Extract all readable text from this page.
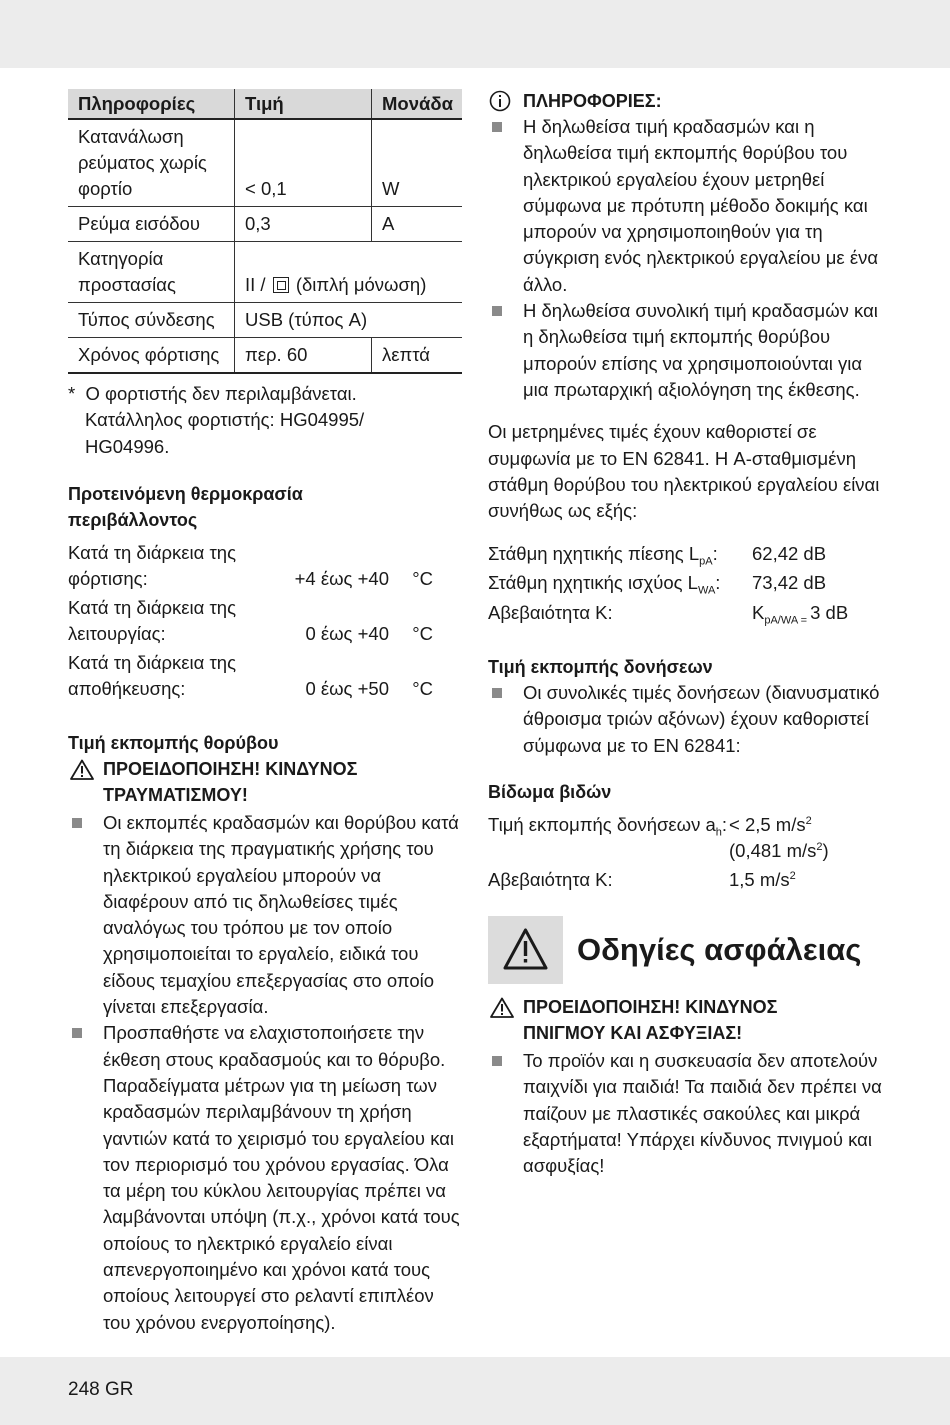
Πληροφορίες	Τιμή	Μονάδα
Κατανάλωση ρεύματος χωρίς φορτίο	< 0,1	W
Ρεύμα εισόδου	0,3	A
Κατηγορία προστασίας	II / (διπλή μόνωση)	
Τύπος σύνδεσης	USB (τύπος A)	
Χρόνος φόρτισης	περ. 60	λεπτά
* Ο φορτιστής δεν περιλαμβάνεται.
Κατάλληλος φορτιστής: HG04995/
HG04996.
Προτεινόμενη θερμοκρασία
περιβάλλοντος
Κατά τη διάρκεια της
φόρτισης:	+4 έως +40 °C
Κατά τη διάρκεια της
λειτουργίας:	0 έως +40 °C
Κατά τη διάρκεια της
αποθήκευσης:	0 έως +50 °C
Τιμή εκπομπής θορύβου
ΠΡΟΕΙΔΟΠΟΙΗΣΗ! ΚΙΝΔΥΝΟΣ
ΤΡΑΥΜΑΤΙΣΜΟΥ!
Οι εκπομπές κραδασμών και θορύβου κατά τη διάρκεια της πραγματικής χρήσης του ηλεκτρικού εργαλείου μπορούν να διαφέρουν από τις δηλωθείσες τιμές αναλόγως του τρόπου με τον οποίο χρησιμοποιείται το εργαλείο, ειδικά του είδους τεμαχίου επεξεργασίας στο οποίο γίνεται επεξεργασία.
Προσπαθήστε να ελαχιστοποιήσετε την έκθεση στους κραδασμούς και το θόρυβο. Παραδείγματα μέτρων για τη μείωση των κραδασμών περιλαμβάνουν τη χρήση γαντιών κατά το χειρισμό του εργαλείου και τον περιορισμό του χρόνου εργασίας. Όλα τα μέρη του κύκλου λειτουργίας πρέπει να λαμβάνονται υπόψη (π.χ., χρόνοι κατά τους οποίους το ηλεκτρικό εργαλείο είναι απενεργοποιημένο και χρόνοι κατά τους οποίους λειτουργεί στο ρελαντί επιπλέον του χρόνου ενεργοποίησης).
ΠΛΗΡΟΦΟΡΙΕΣ:
Η δηλωθείσα τιμή κραδασμών και η δηλωθείσα τιμή εκπομπής θορύβου του ηλεκτρικού εργαλείου έχουν μετρηθεί σύμφωνα με πρότυπη μέθοδο δοκιμής και μπορούν να χρησιμοποιηθούν για τη σύγκριση ενός ηλεκτρικού εργαλείου με ένα άλλο.
Η δηλωθείσα συνολική τιμή κραδασμών και η δηλωθείσα τιμή εκπομπής θορύβου μπορούν επίσης να χρησιμοποιούνται για μια πρωταρχική αξιολόγηση της έκθεσης.
Οι μετρημένες τιμές έχουν καθοριστεί σε συμφωνία με το EN 62841. Η A-σταθμισμένη στάθμη θορύβου του ηλεκτρικού εργαλείου είναι συνήθως ως εξής:
Στάθμη ηχητικής πίεσης $L_{pA}$: 62,42 dB
Στάθμη ηχητικής ισχύος $L_{WA}$: 73,42 dB
Αβεβαιότητα K:	$K_{pA/WA =}$ 3 dB
Τιμή εκπομπής δονήσεων
Οι συνολικές τιμές δονήσεων (διανυσματικό άθροισμα τριών αξόνων) έχουν καθοριστεί σύμφωνα με το EN 62841:
Βίδωμα βιδών
Τιμή εκπομπής δονήσεων $a_h$: < 2,5 $m/s^2$
(0,481 $m/s^2$)
Αβεβαιότητα K:	1,5 $m/s^2$
Οδηγίες ασφάλειας
ΠΡΟΕΙΔΟΠΟΙΗΣΗ! ΚΙΝΔΥΝΟΣ
ΠΝΙΓΜΟΥ ΚΑΙ ΑΣΦΥΞΙΑΣ!
Το προϊόν και η συσκευασία δεν αποτελούν παιχνίδι για παιδιά! Τα παιδιά δεν πρέπει να παίζουν με πλαστικές σακούλες και μικρά εξαρτήματα! Υπάρχει κίνδυνος πνιγμού και ασφυξίας!
248 GR
